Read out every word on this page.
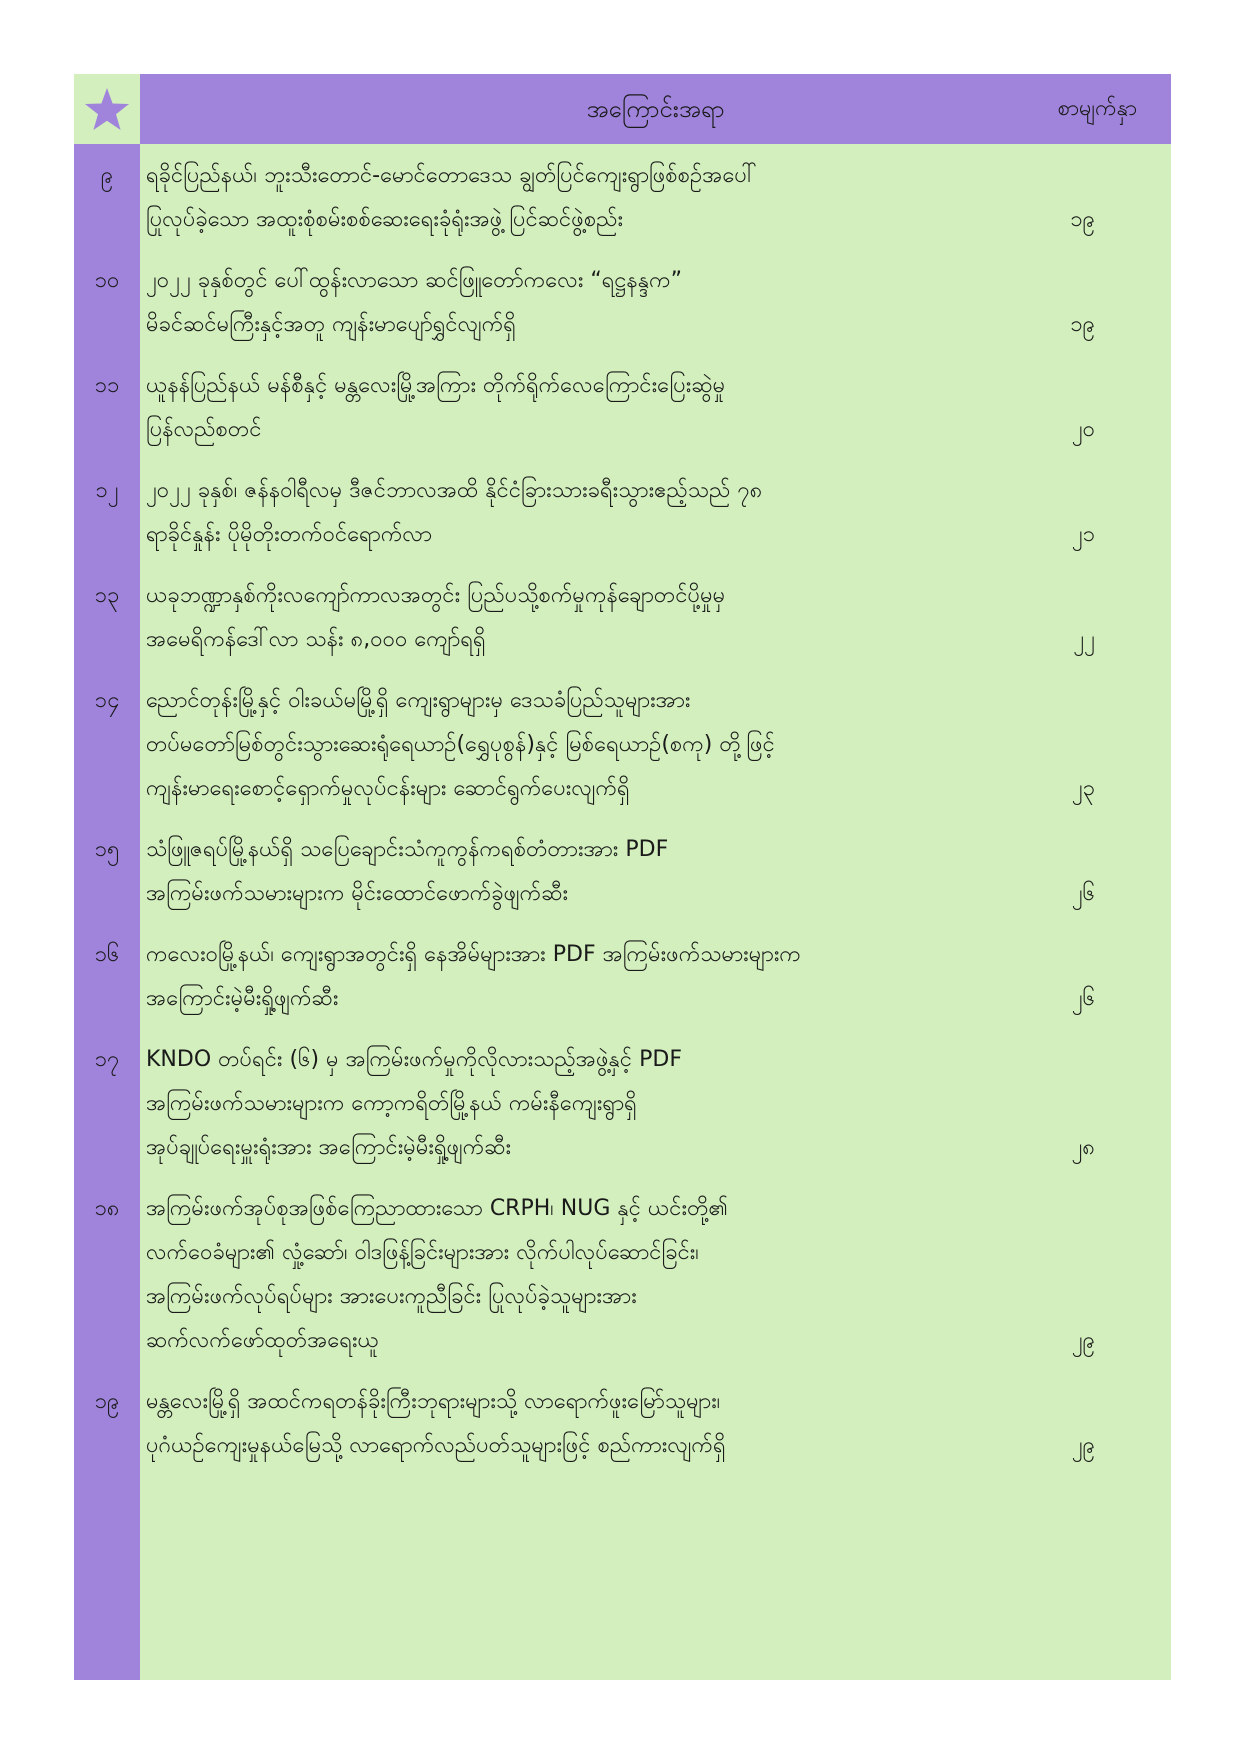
အကြောင်းအရာ	စာမျက်နှာ
၉	ရခိုင်ပြည်နယ်၊ ဘူးသီးတောင်-မောင်တောဒေသ ချွတ်ပြင်ကျေးရွာဖြစ်စဉ်အပေါ်
ပြုလုပ်ခဲ့သော အထူးစုံစမ်းစစ်ဆေးရေးခုံရုံးအဖွဲ့ ပြင်ဆင်ဖွဲ့စည်း	၁၉
၁၀	၂၀၂၂ ခုနှစ်တွင် ပေါ်ထွန်းလာသော ဆင်ဖြူတော်ကလေး “ရဋ္ဌနန္ဒက”
မိခင်ဆင်မကြီးနှင့်အတူ ကျန်းမာပျော်ရွှင်လျက်ရှိ	၁၉
၁၁	ယူနန်ပြည်နယ် မန်စီနှင့် မန္တလေးမြို့အကြား တိုက်ရိုက်လေကြောင်းပြေးဆွဲမှု
ပြန်လည်စတင်	၂၀
၁၂	၂၀၂၂ ခုနှစ်၊ ဇန်နဝါရီလမှ ဒီဇင်ဘာလအထိ နိုင်ငံခြားသားခရီးသွားဧည့်သည် ၇၈
ရာခိုင်နှုန်း ပိုမိုတိုးတက်ဝင်ရောက်လာ	၂၁
၁၃	ယခုဘဏ္ဍာနှစ်ကိုးလကျော်ကာလအတွင်း ပြည်ပသို့စက်မှုကုန်ချောတင်ပို့မှုမှ
အမေရိကန်ဒေါ်လာ သန်း ၈,၀၀၀ ကျော်ရရှိ	၂၂
၁၄	ညောင်တုန်းမြို့နှင့် ဝါးခယ်မမြို့ရှိ ကျေးရွာများမှ ဒေသခံပြည်သူများအား
တပ်မတော်မြစ်တွင်းသွားဆေးရုံရေယာဉ်(ရွှေပုစွန်)နှင့် မြစ်ရေယာဉ်(စကု) တို့ဖြင့်
ကျန်းမာရေးစောင့်ရှောက်မှုလုပ်ငန်းများ ဆောင်ရွက်ပေးလျက်ရှိ	၂၃
၁၅	သံဖြူဇရပ်မြို့နယ်ရှိ သပြေချောင်းသံကူကွန်ကရစ်တံတားအား PDF
အကြမ်းဖက်သမားများက မိုင်းထောင်ဖောက်ခွဲဖျက်ဆီး	၂၆
၁၆	ကလေးဝမြို့နယ်၊ ကျေးရွာအတွင်းရှိ နေအိမ်များအား PDF အကြမ်းဖက်သမားများက
အကြောင်းမဲ့မီးရှို့ဖျက်ဆီး	၂၆
၁၇	KNDO တပ်ရင်း (၆) မှ အကြမ်းဖက်မှုကိုလိုလားသည့်အဖွဲ့နှင့် PDF
အကြမ်းဖက်သမားများက ကော့ကရိတ်မြို့နယ် ကမ်းနီကျေးရွာရှိ
အုပ်ချုပ်ရေးမှူးရုံးအား အကြောင်းမဲ့မီးရှို့ဖျက်ဆီး	၂၈
၁၈	အကြမ်းဖက်အုပ်စုအဖြစ်ကြေညာထားသော CRPH၊ NUG နှင့် ယင်းတို့၏
လက်ဝေခံများ၏ လှုံ့ဆော်၊ ဝါဒဖြန့်ခြင်းများအား လိုက်ပါလုပ်ဆောင်ခြင်း၊
အကြမ်းဖက်လုပ်ရပ်များ အားပေးကူညီခြင်း ပြုလုပ်ခဲ့သူများအား
ဆက်လက်ဖော်ထုတ်အရေးယူ	၂၉
၁၉	မန္တလေးမြို့ရှိ အထင်ကရတန်ခိုးကြီးဘုရားများသို့ လာရောက်ဖူးမြော်သူများ၊
ပုဂံယဉ်ကျေးမှုနယ်မြေသို့ လာရောက်လည်ပတ်သူများဖြင့် စည်ကားလျက်ရှိ	၂၉
